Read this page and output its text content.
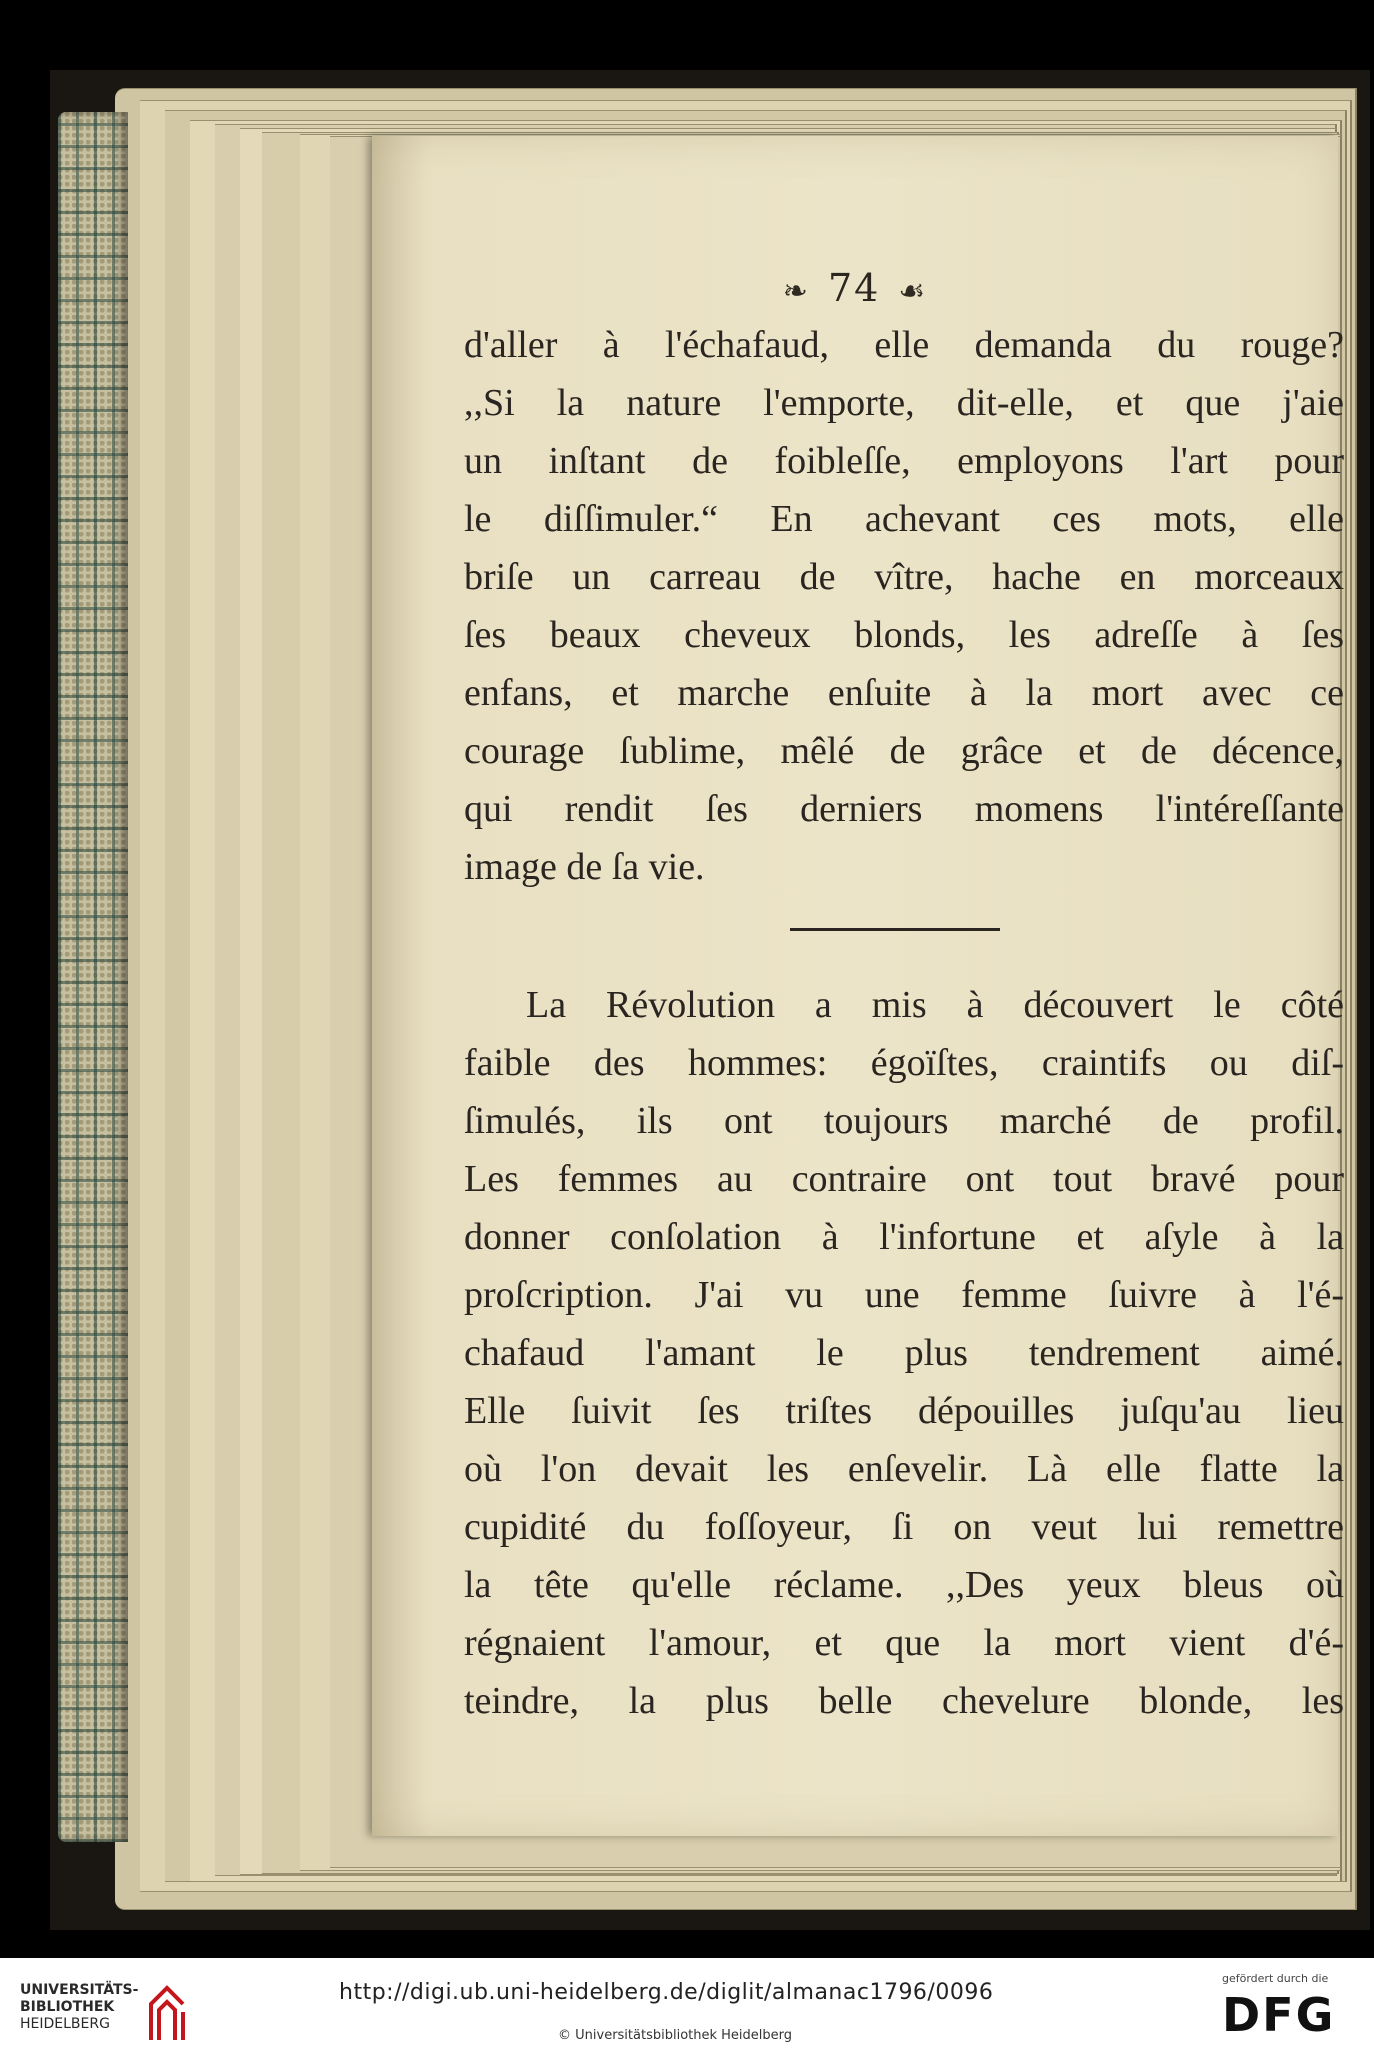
❧ 74 ☙
d'aller à l'échafaud, elle demanda du rouge?
,,Si la nature l'emporte, dit-elle, et que j'aie
un inſtant de foibleſſe, employons l'art pour
le diſſimuler.“ En achevant ces mots, elle
briſe un carreau de vître, hache en morceaux
ſes beaux cheveux blonds, les adreſſe à ſes
enfans, et marche enſuite à la mort avec ce
courage ſublime, mêlé de grâce et de décence,
qui rendit ſes derniers momens l'intéreſſante
image de ſa vie.
La Révolution a mis à découvert le côté
faible des hommes: égoïſtes, craintifs ou diſ-
ſimulés, ils ont toujours marché de profil.
Les femmes au contraire ont tout bravé pour
donner conſolation à l'infortune et aſyle à la
proſcription. J'ai vu une femme ſuivre à l'é-
chafaud l'amant le plus tendrement aimé.
Elle ſuivit ſes triſtes dépouilles juſqu'au lieu
où l'on devait les enſevelir. Là elle flatte la
cupidité du foſſoyeur, ſi on veut lui remettre
la tête qu'elle réclame. ,,Des yeux bleus où
régnaient l'amour, et que la mort vient d'é-
teindre, la plus belle chevelure blonde, les
UNIVERSITÄTS-
BIBLIOTHEK
HEIDELBERG
http://digi.ub.uni-heidelberg.de/diglit/almanac1796/0096
© Universitätsbibliothek Heidelberg
gefördert durch die
DFG
